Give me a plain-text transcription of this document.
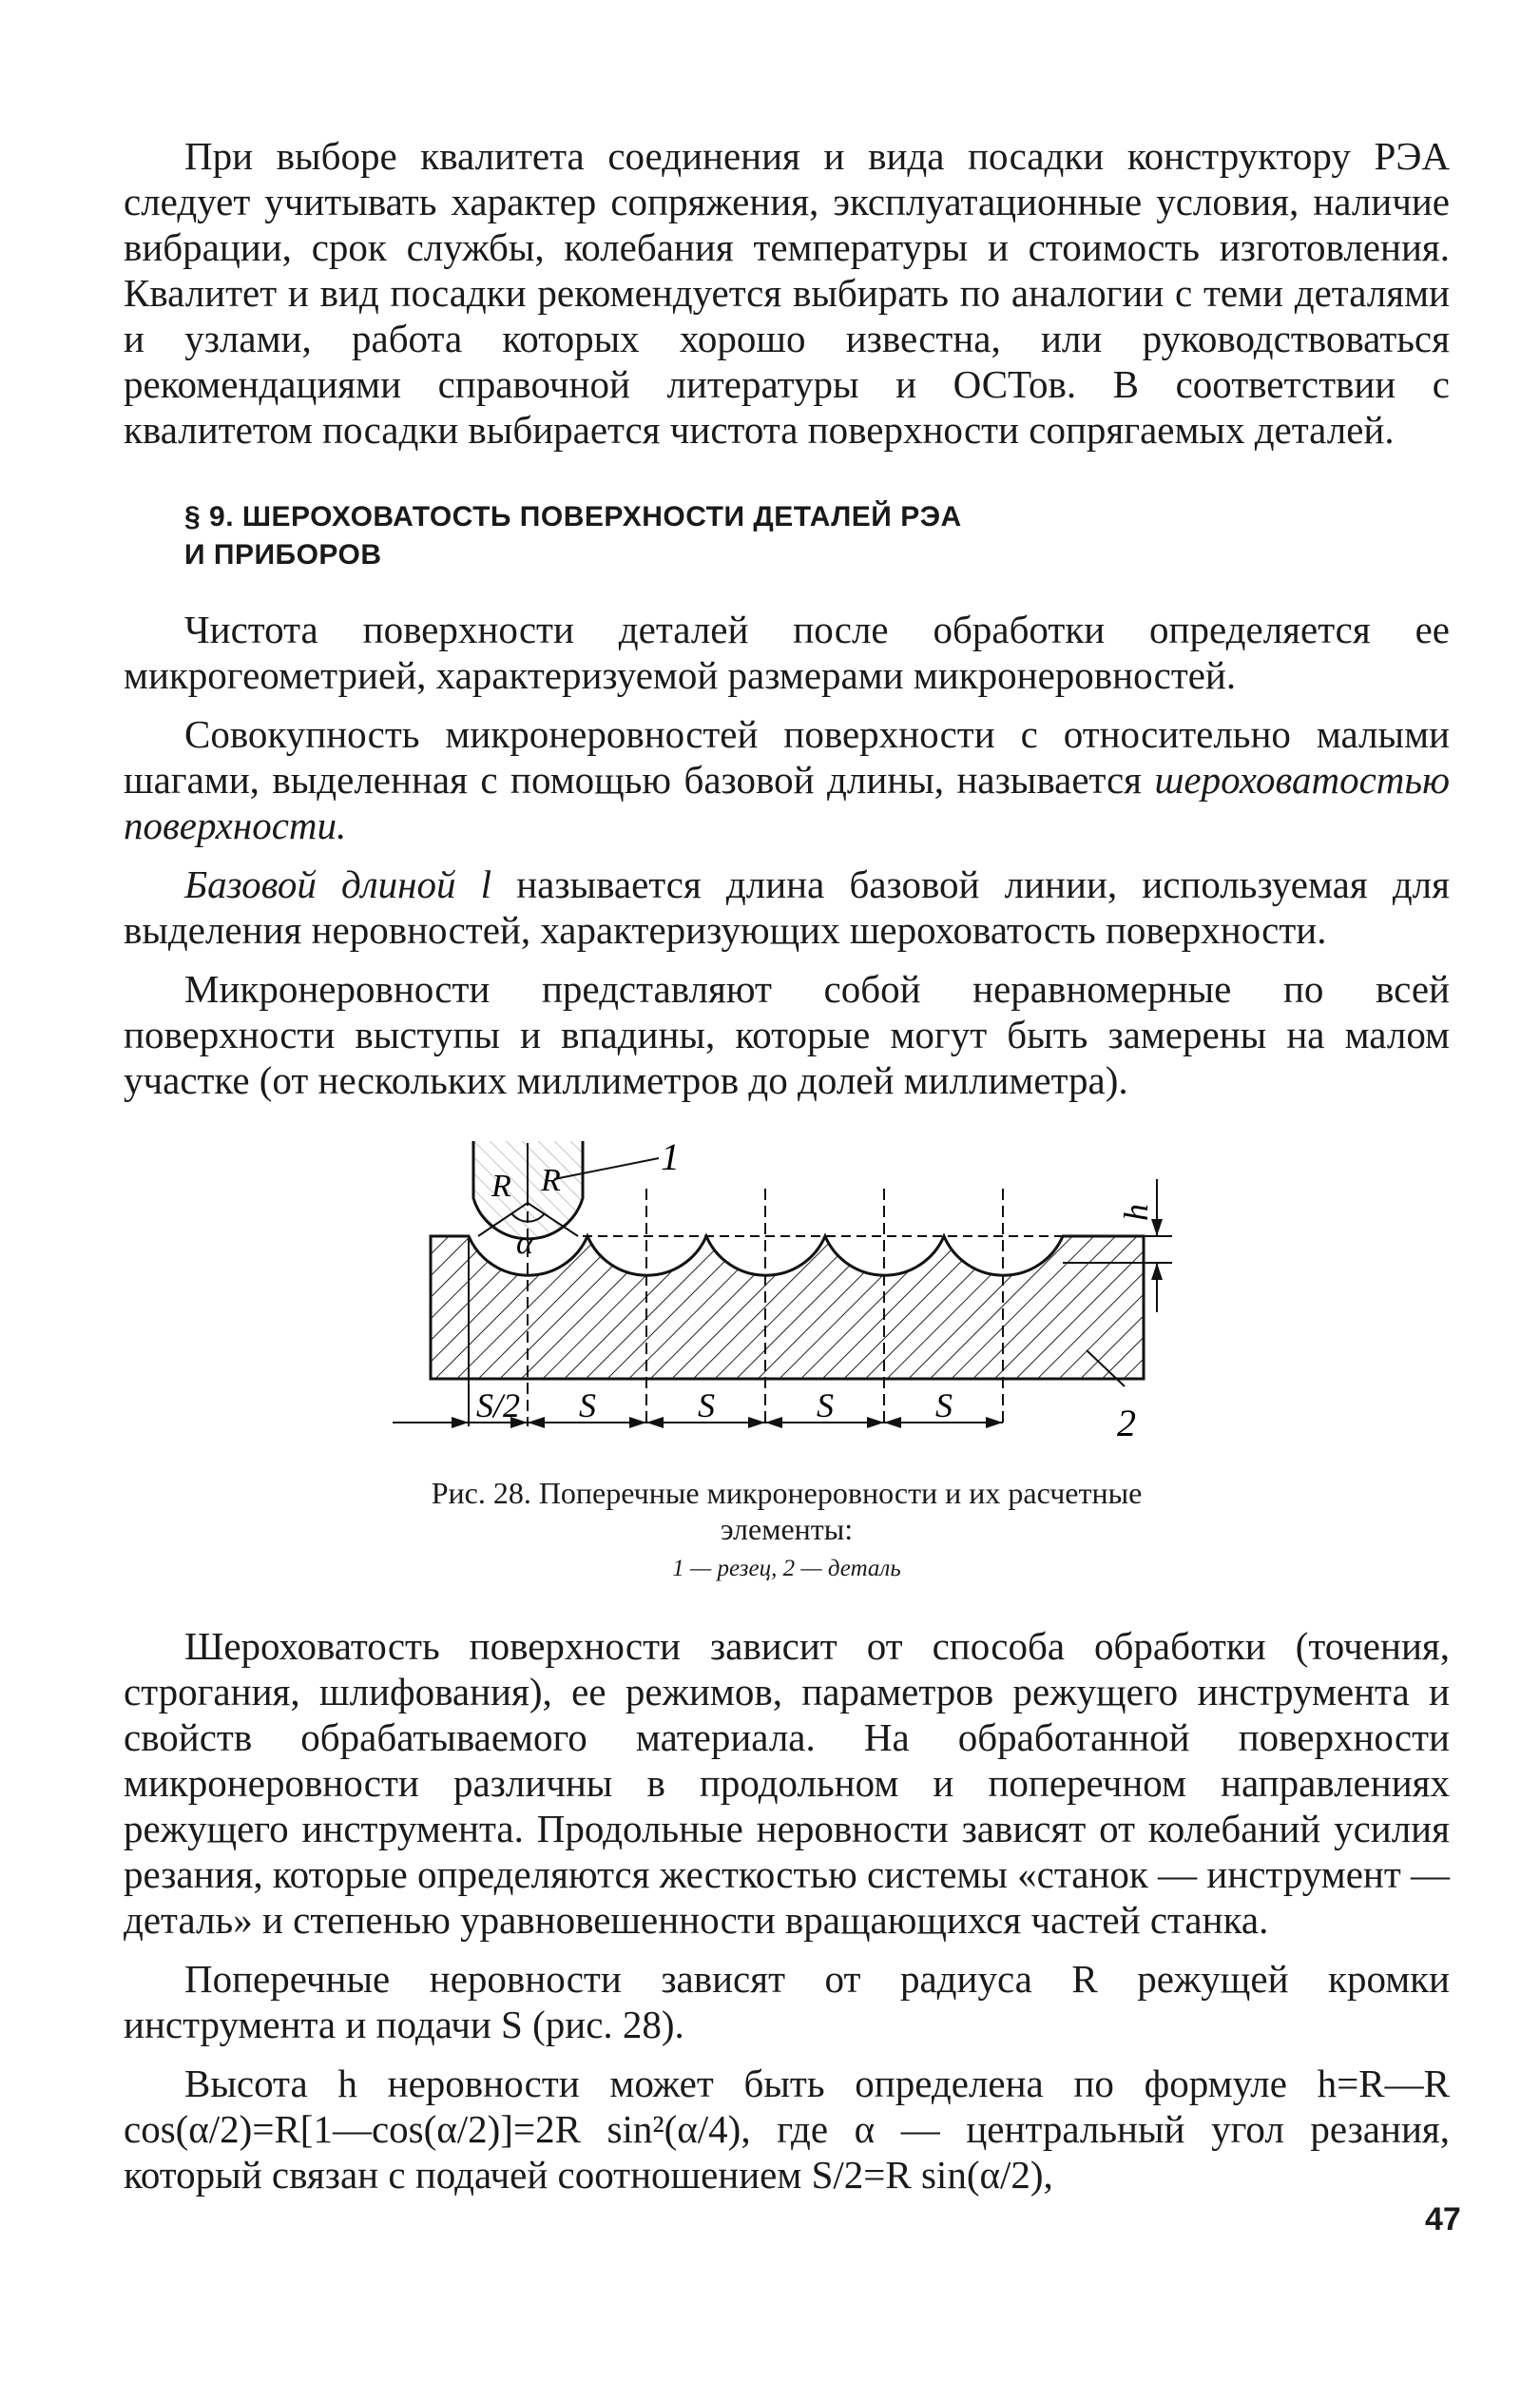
При выборе квалитета соединения и вида посадки конструктору РЭА следует учитывать характер сопряжения, эксплуатационные условия, наличие вибрации, срок службы, колебания температуры и стоимость изготовления. Квалитет и вид посадки рекомендуется выбирать по аналогии с теми деталями и узлами, работа которых хорошо известна, или руководствоваться рекомендациями справочной литературы и ОСТов. В соответствии с квалитетом посадки выбирается чистота поверхности сопрягаемых деталей.

§ 9. ШЕРОХОВАТОСТЬ ПОВЕРХНОСТИ ДЕТАЛЕЙ РЭА
И ПРИБОРОВ

Чистота поверхности деталей после обработки определяется ее микрогеометрией, характеризуемой размерами микронеровностей.

Совокупность микронеровностей поверхности с относительно малыми шагами, выделенная с помощью базовой длины, называется шероховатостью поверхности.

Базовой длиной l называется длина базовой линии, используемая для выделения неровностей, характеризующих шероховатость поверхности.

Микронеровности представляют собой неравномерные по всей поверхности выступы и впадины, которые могут быть замерены на малом участке (от нескольких миллиметров до долей миллиметра).

R R
α
1
h
2
S/2 S	S	S	S
Рис. 28. Поперечные микронеровности и их расчетные элементы:
1 — резец, 2 — деталь

Шероховатость поверхности зависит от способа обработки (точения, строгания, шлифования), ее режимов, параметров режущего инструмента и свойств обрабатываемого материала. На обработанной поверхности микронеровности различны в продольном и поперечном направлениях режущего инструмента. Продольные неровности зависят от колебаний усилия резания, которые определяются жесткостью системы «станок — инструмент — деталь» и степенью уравновешенности вращающихся частей станка.

Поперечные неровности зависят от радиуса R режущей кромки инструмента и подачи S (рис. 28).

Высота h неровности может быть определена по формуле h=R—R cos(α/2)=R[1—cos(α/2)]=2R sin²(α/4), где α — центральный угол резания, который связан с подачей соотношением S/2=R sin(α/2),

47
